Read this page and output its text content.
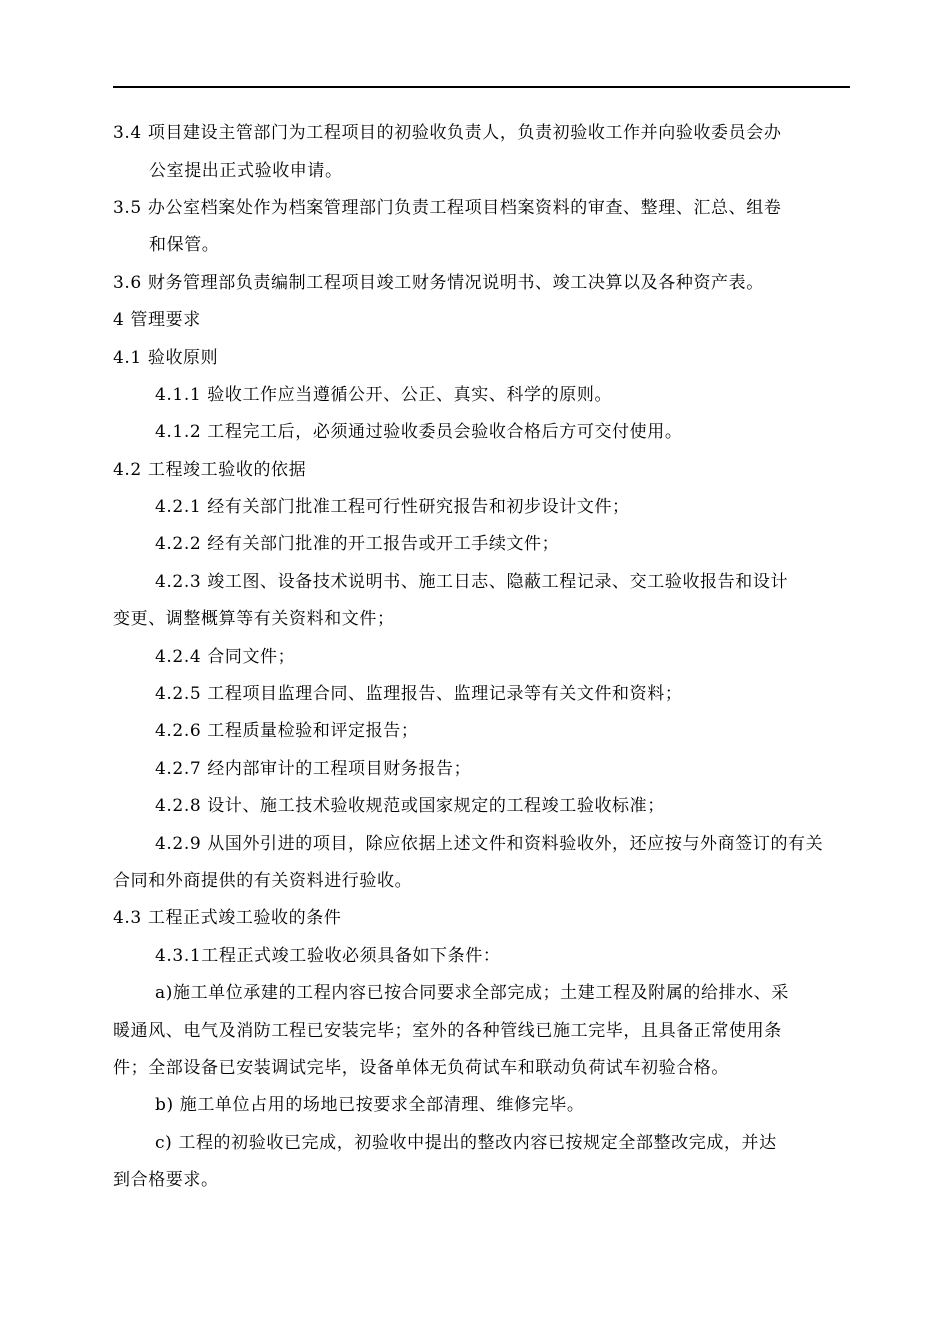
3.4 项目建设主管部门为工程项目的初验收负责人，负责初验收工作并向验收委员会办
公室提出正式验收申请。
3.5 办公室档案处作为档案管理部门负责工程项目档案资料的审查、整理、汇总、组卷
和保管。
3.6 财务管理部负责编制工程项目竣工财务情况说明书、竣工决算以及各种资产表。
4 管理要求
4.1 验收原则
4.1.1 验收工作应当遵循公开、公正、真实、科学的原则。
4.1.2 工程完工后，必须通过验收委员会验收合格后方可交付使用。
4.2 工程竣工验收的依据
4.2.1 经有关部门批准工程可行性研究报告和初步设计文件；
4.2.2 经有关部门批准的开工报告或开工手续文件；
4.2.3 竣工图、设备技术说明书、施工日志、隐蔽工程记录、交工验收报告和设计
变更、调整概算等有关资料和文件；
4.2.4 合同文件；
4.2.5 工程项目监理合同、监理报告、监理记录等有关文件和资料；
4.2.6 工程质量检验和评定报告；
4.2.7 经内部审计的工程项目财务报告；
4.2.8 设计、施工技术验收规范或国家规定的工程竣工验收标准；
4.2.9 从国外引进的项目，除应依据上述文件和资料验收外，还应按与外商签订的有关
合同和外商提供的有关资料进行验收。
4.3 工程正式竣工验收的条件
4.3.1工程正式竣工验收必须具备如下条件：
a)施工单位承建的工程内容已按合同要求全部完成；土建工程及附属的给排水、采
暖通风、电气及消防工程已安装完毕；室外的各种管线已施工完毕，且具备正常使用条
件；全部设备已安装调试完毕，设备单体无负荷试车和联动负荷试车初验合格。
b) 施工单位占用的场地已按要求全部清理、维修完毕。
c) 工程的初验收已完成，初验收中提出的整改内容已按规定全部整改完成，并达
到合格要求。
